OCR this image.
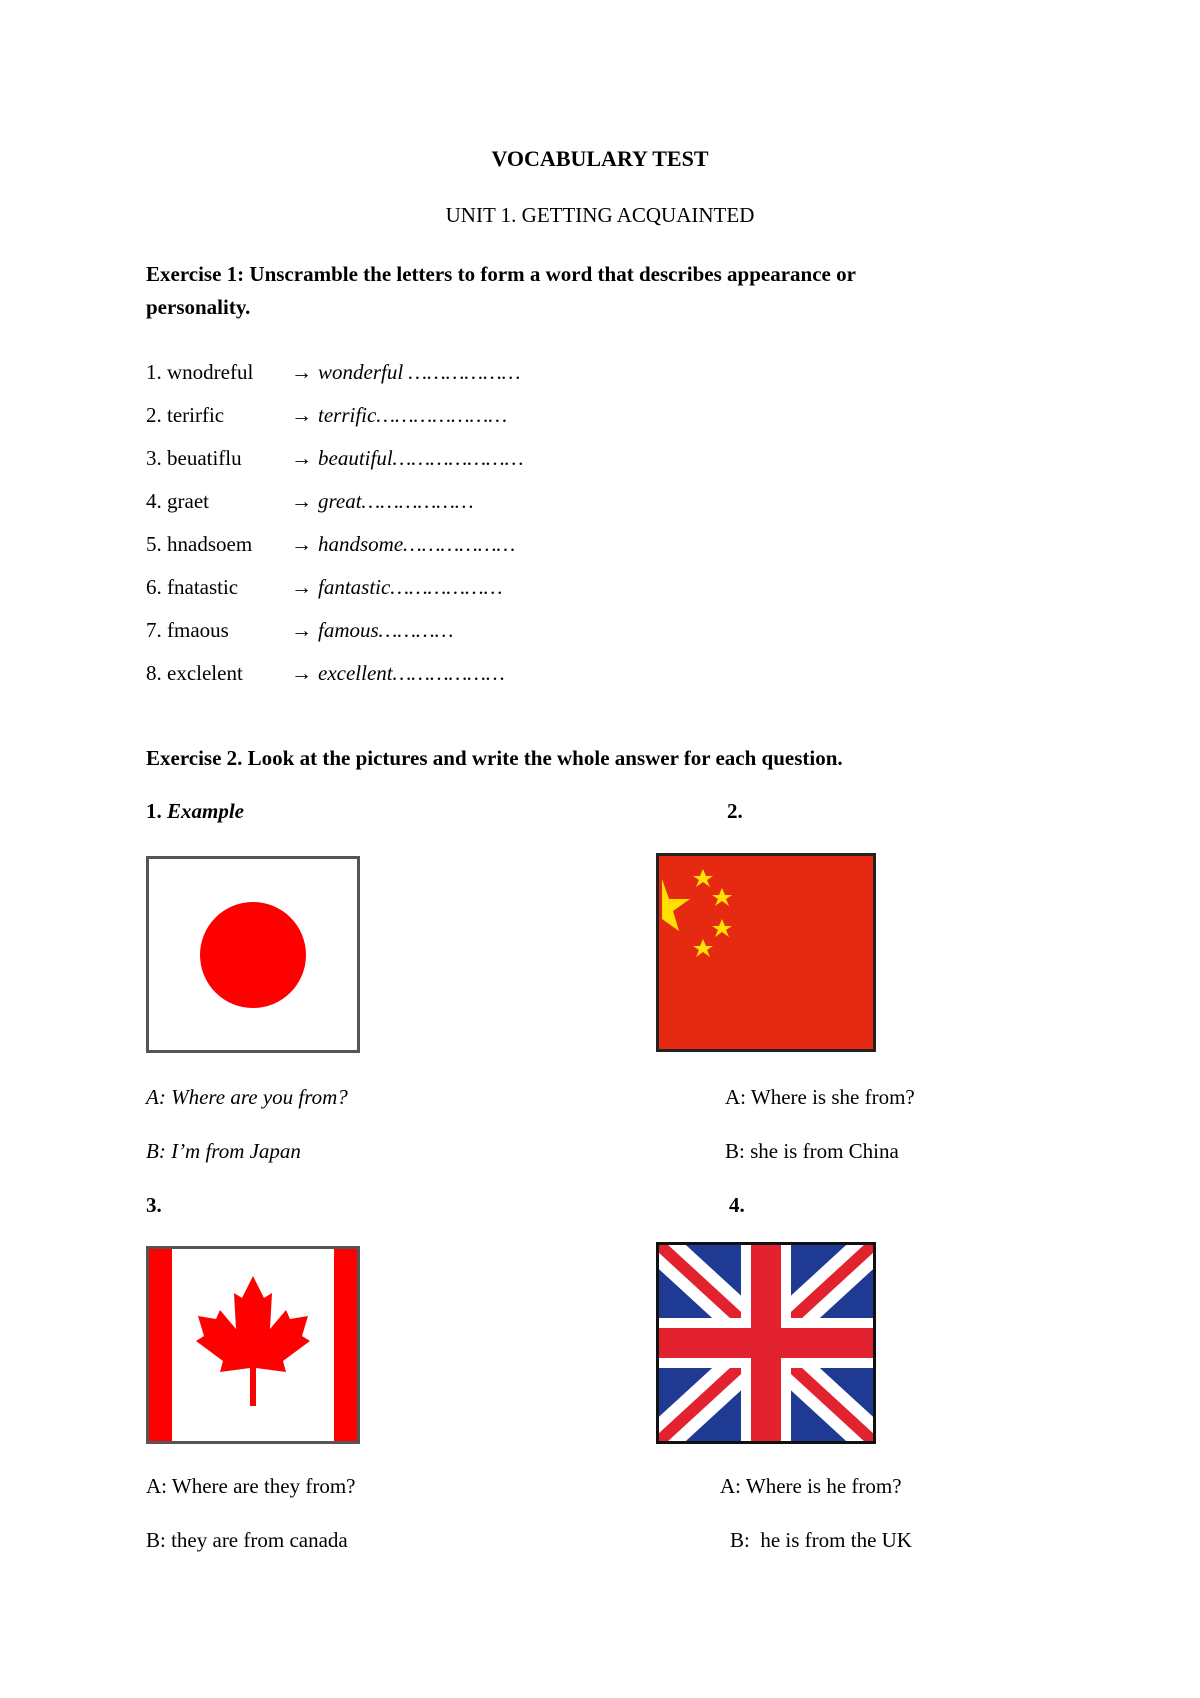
VOCABULARY TEST
UNIT 1. GETTING ACQUAINTED
Exercise 1: Unscramble the letters to form a word that describes appearance or
personality.
1. wnodreful → wonderful ………………
2. terirfic	→ terrific…………………
3. beuatiflu → beautiful…………………
4. graet	→ great………………
5. hnadsoem → handsome………………
6. fnatastic	→ fantastic………………
7. fmaous	→ famous…………
8. exclelent → excellent………………
Exercise 2. Look at the pictures and write the whole answer for each question.
1. Example
A: Where are you from?
B: I’m from Japan
2.
A: Where is she from?
B: she is from China
3.
A: Where are they from?
B: they are from canada
4.
A: Where is he from?
B:  he is from the UK
